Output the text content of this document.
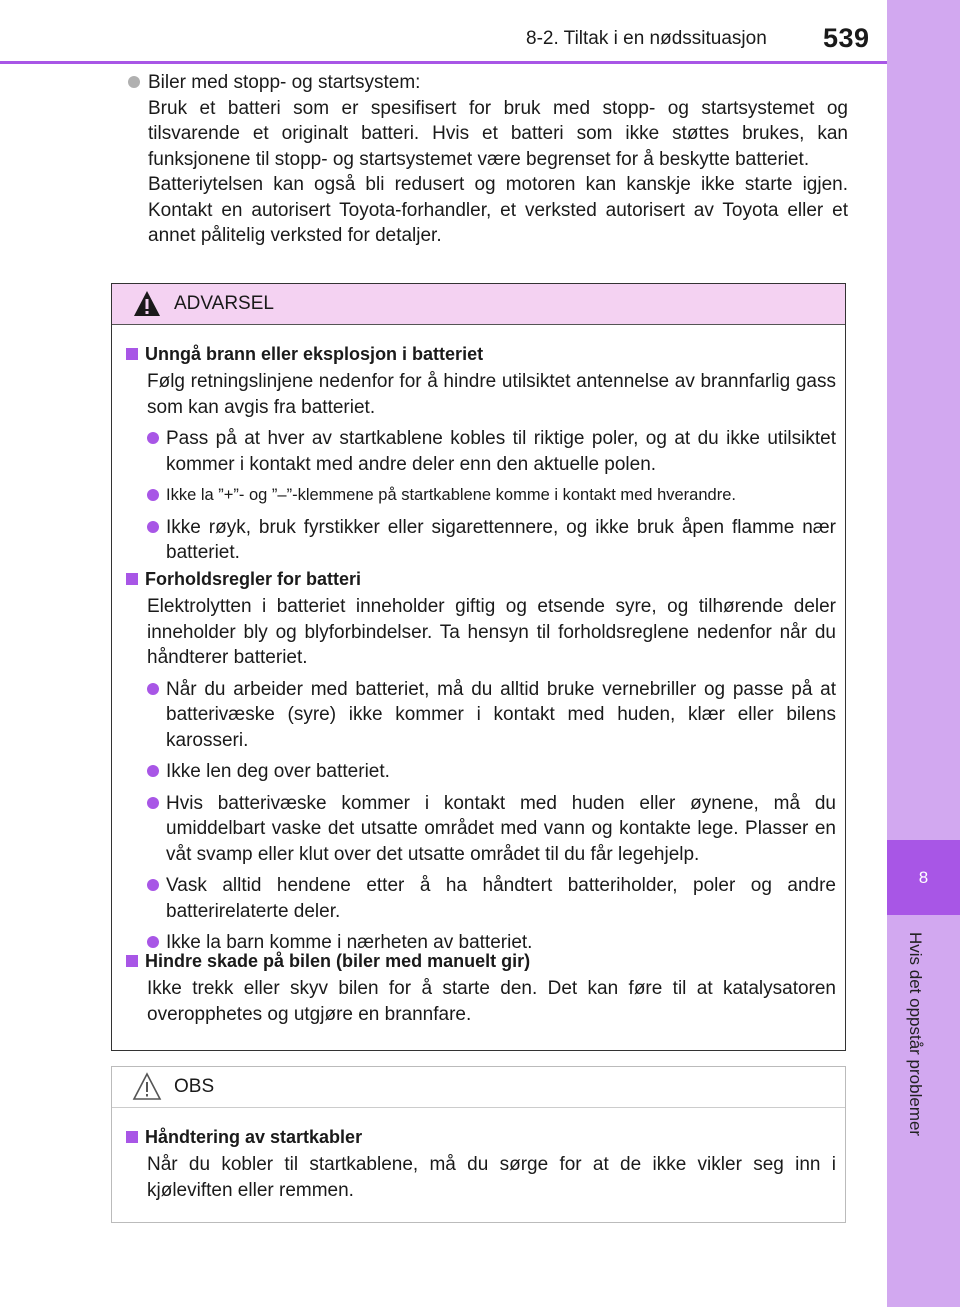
8
Hvis det oppstår problemer
8-2. Tiltak i en nødssituasjon 539

Biler med stopp- og startsystem:

Bruk et batteri som er spesifisert for bruk med stopp- og startsystemet og tilsvarende et originalt batteri. Hvis et batteri som ikke støttes brukes, kan funksjonene til stopp- og startsystemet være begrenset for å beskytte batteriet.

Batteriytelsen kan også bli redusert og motoren kan kanskje ikke starte igjen. Kontakt en autorisert Toyota-forhandler, et verksted autorisert av Toyota eller et annet pålitelig verksted for detaljer.

ADVARSEL
Unngå brann eller eksplosjon i batteriet
Følg retningslinjene nedenfor for å hindre utilsiktet antennelse av brannfarlig gass som kan avgis fra batteriet.
Pass på at hver av startkablene kobles til riktige poler, og at du ikke utilsiktet kommer i kontakt med andre deler enn den aktuelle polen.
Ikke la ”+”- og ”–”-klemmene på startkablene komme i kontakt med hverandre.
Ikke røyk, bruk fyrstikker eller sigarettennere, og ikke bruk åpen flamme nær batteriet.
Forholdsregler for batteri
Elektrolytten i batteriet inneholder giftig og etsende syre, og tilhørende deler inneholder bly og blyforbindelser. Ta hensyn til forholdsreglene nedenfor når du håndterer batteriet.
Når du arbeider med batteriet, må du alltid bruke vernebriller og passe på at batterivæske (syre) ikke kommer i kontakt med huden, klær eller bilens karosseri.
Ikke len deg over batteriet.
Hvis batterivæske kommer i kontakt med huden eller øynene, må du umiddelbart vaske det utsatte området med vann og kontakte lege. Plasser en våt svamp eller klut over det utsatte området til du får legehjelp.
Vask alltid hendene etter å ha håndtert batteriholder, poler og andre batterirelaterte deler.
Ikke la barn komme i nærheten av batteriet.
Hindre skade på bilen (biler med manuelt gir)
Ikke trekk eller skyv bilen for å starte den. Det kan føre til at katalysatoren overopphetes og utgjøre en brannfare.
OBS
Håndtering av startkabler
Når du kobler til startkablene, må du sørge for at de ikke vikler seg inn i kjøleviften eller remmen.
